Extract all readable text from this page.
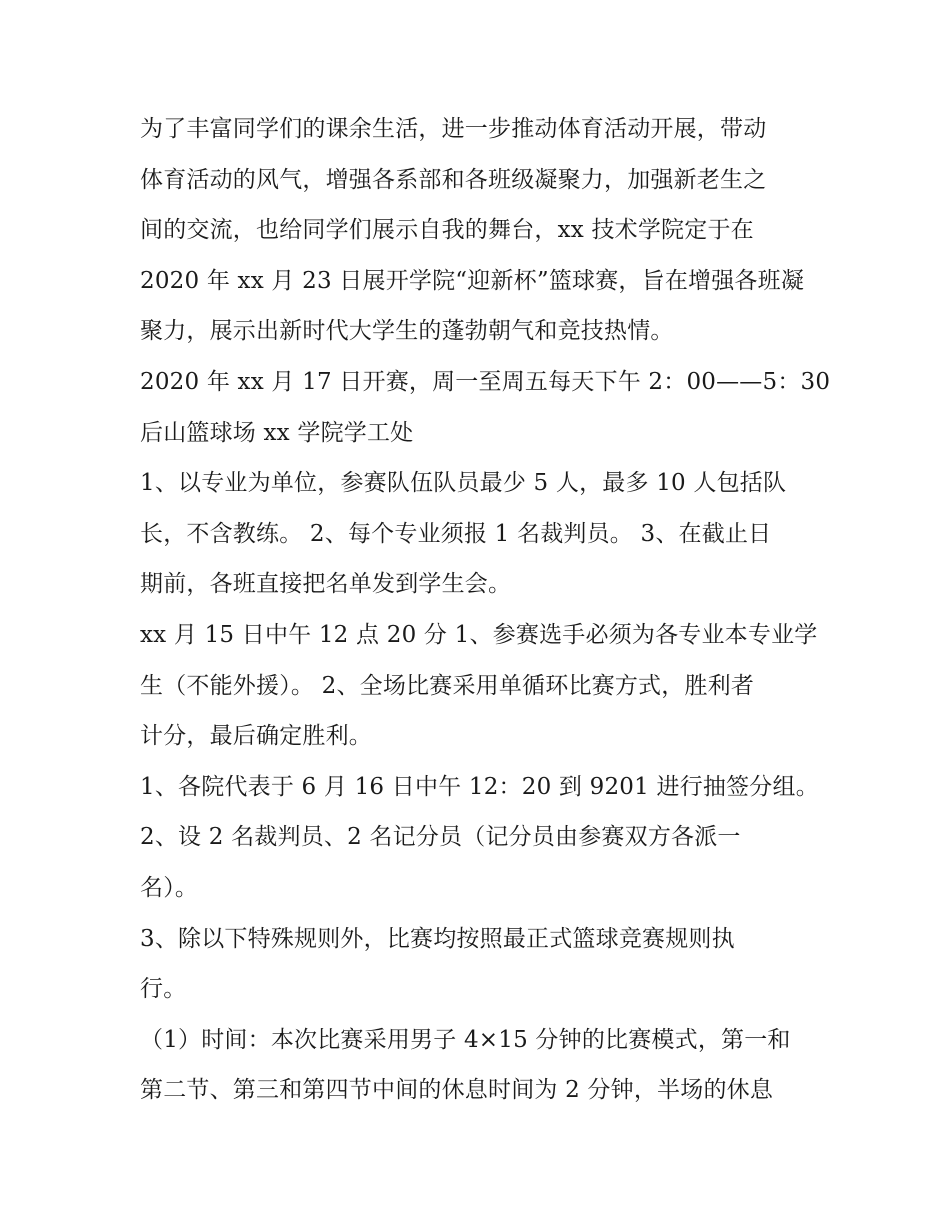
为了丰富同学们的课余生活，进一步推动体育活动开展，带动
体育活动的风气，增强各系部和各班级凝聚力，加强新老生之
间的交流，也给同学们展示自我的舞台，xx 技术学院定于在
2020 年 xx 月 23 日展开学院“迎新杯”篮球赛，旨在增强各班凝
聚力，展示出新时代大学生的蓬勃朝气和竞技热情。
2020 年 xx 月 17 日开赛，周一至周五每天下午 2：00——5：30
后山篮球场 xx 学院学工处
1、以专业为单位，参赛队伍队员最少 5 人，最多 10 人包括队
长，不含教练。 2、每个专业须报 1 名裁判员。 3、在截止日
期前，各班直接把名单发到学生会。
xx 月 15 日中午 12 点 20 分 1、参赛选手必须为各专业本专业学
生（不能外援）。 2、全场比赛采用单循环比赛方式，胜利者
计分，最后确定胜利。
1、各院代表于 6 月 16 日中午 12：20 到 9201 进行抽签分组。
2、设 2 名裁判员、2 名记分员（记分员由参赛双方各派一
名）。
3、除以下特殊规则外，比赛均按照最正式篮球竞赛规则执
行。
（1）时间：本次比赛采用男子 4×15 分钟的比赛模式，第一和
第二节、第三和第四节中间的休息时间为 2 分钟，半场的休息
